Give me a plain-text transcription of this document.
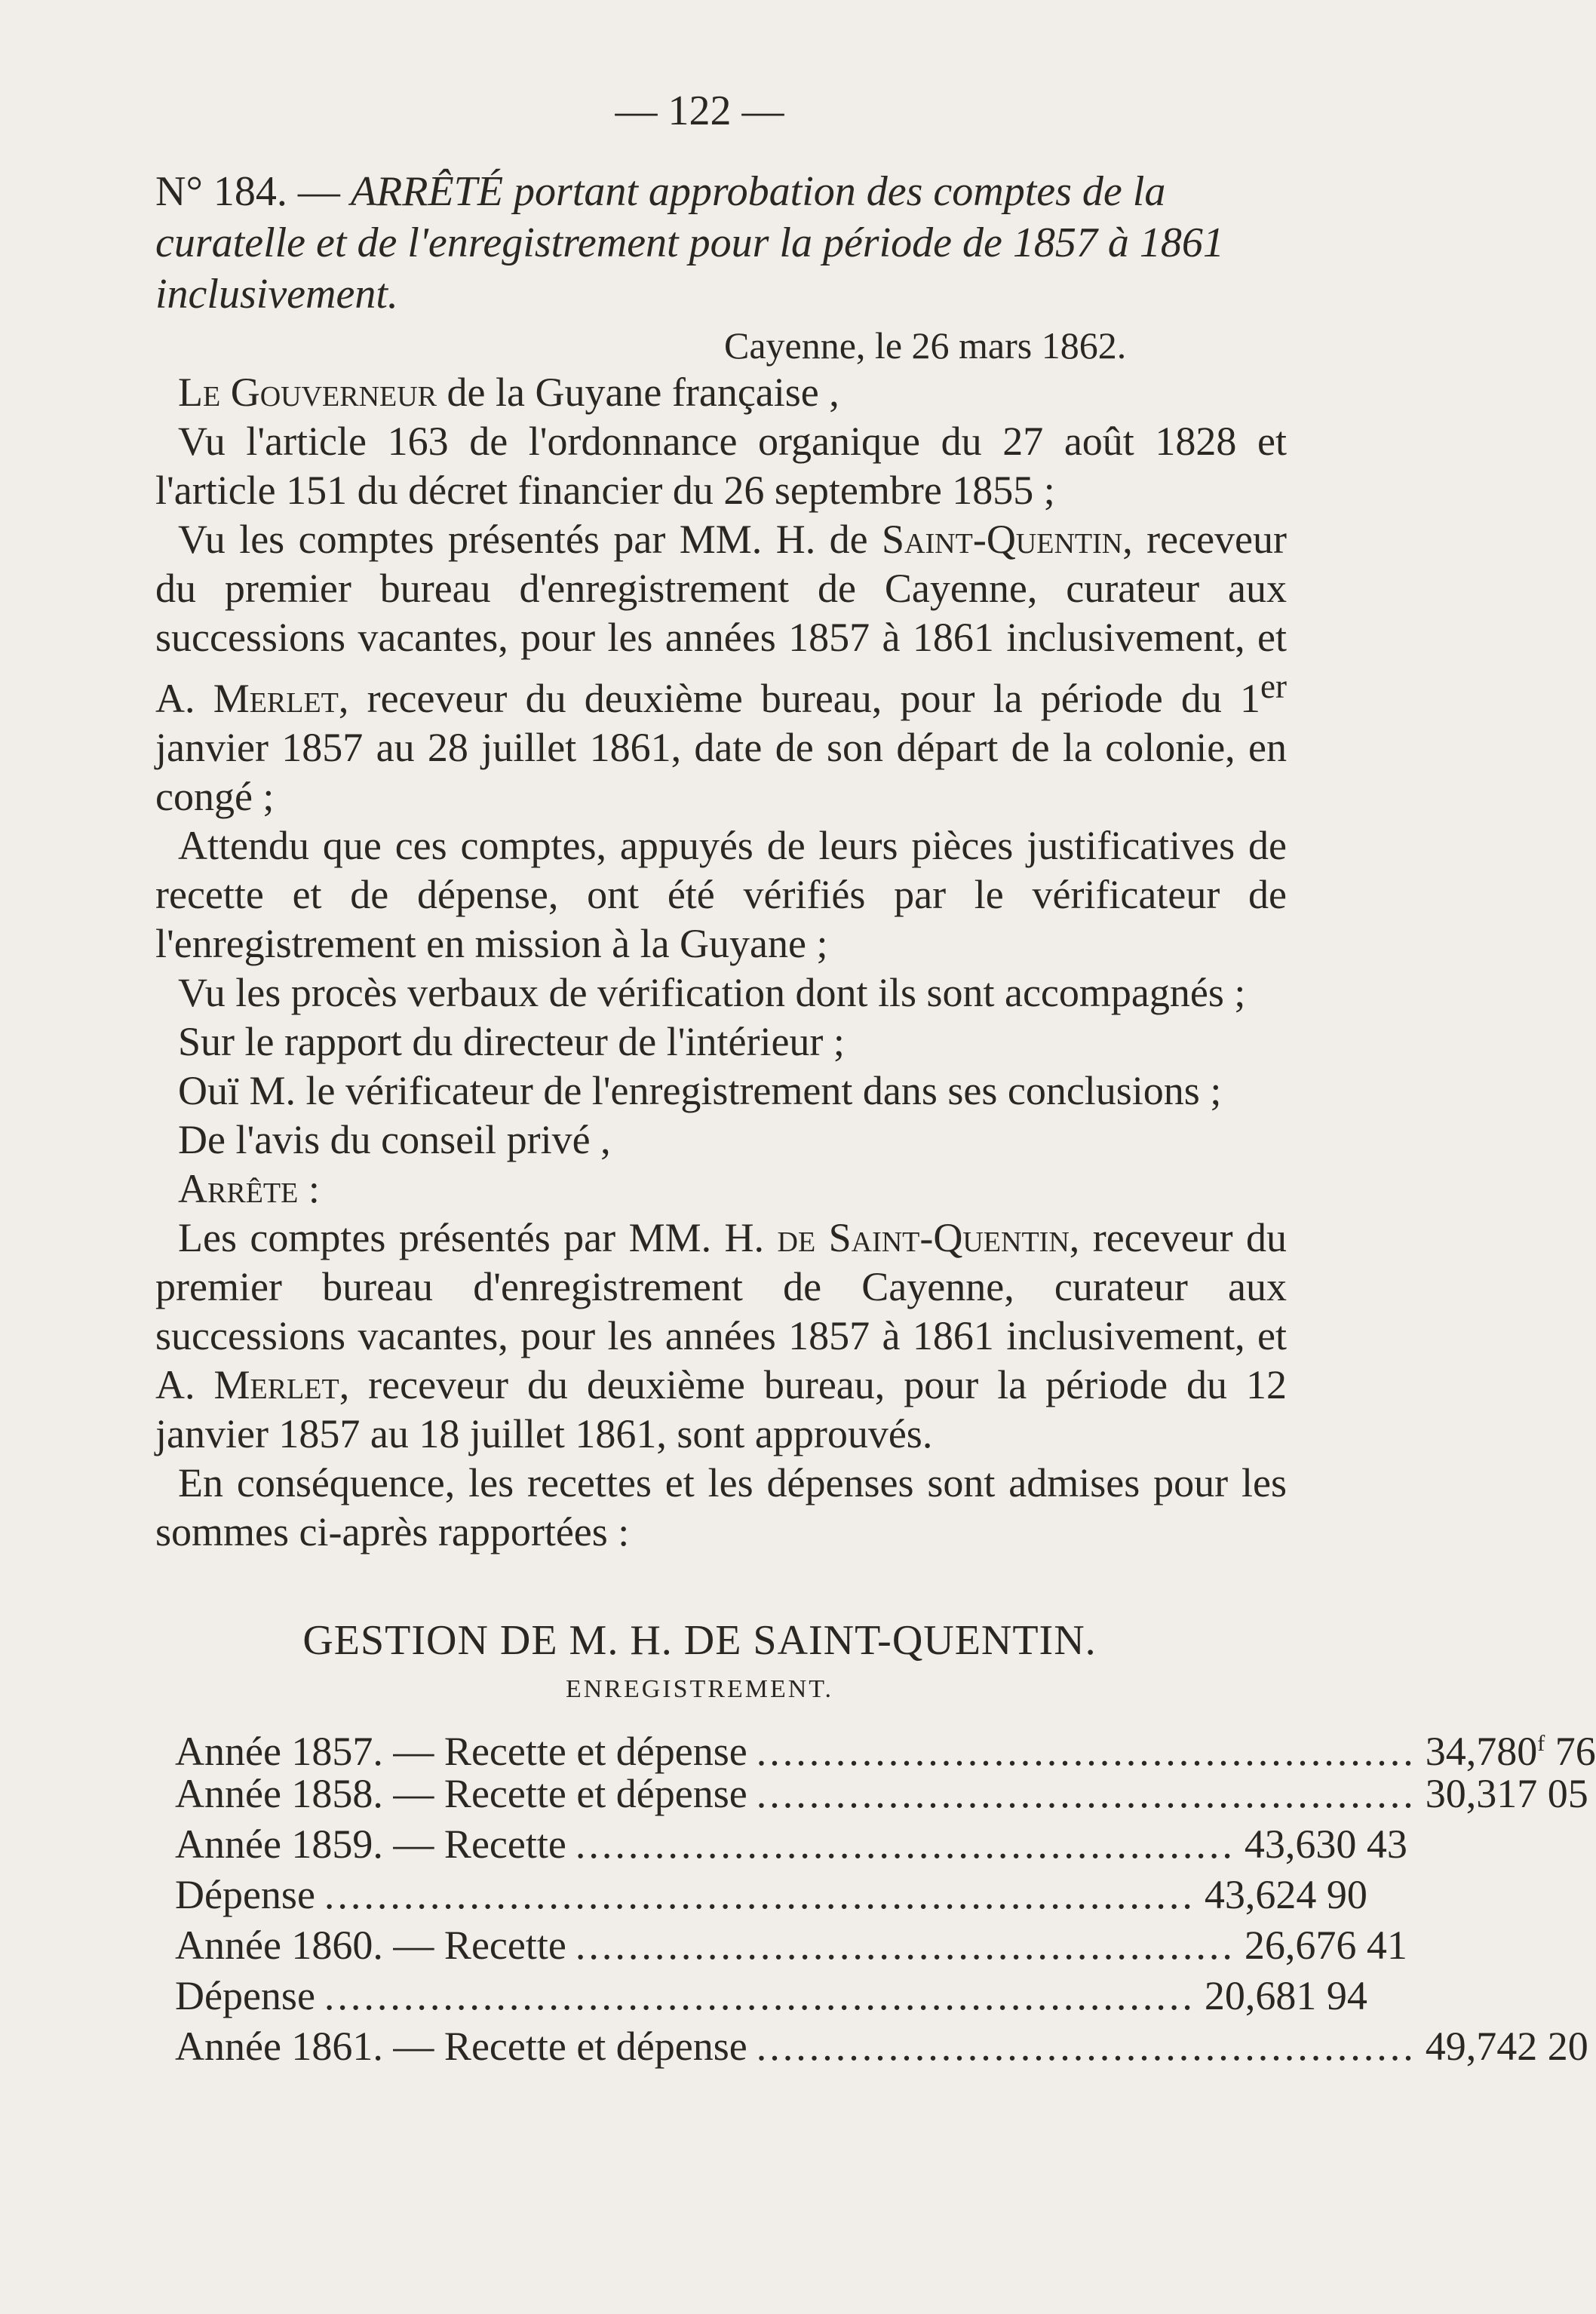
— 122 —
N° 184. — ARRÊTÉ portant approbation des comptes de la curatelle et de l'enregistrement pour la période de 1857 à 1861 inclusivement.
Cayenne, le 26 mars 1862.

Le Gouverneur de la Guyane française ,

Vu l'article 163 de l'ordonnance organique du 27 août 1828 et l'article 151 du décret financier du 26 septembre 1855 ;

Vu les comptes présentés par MM. H. de Saint-Quentin, receveur du premier bureau d'enregistrement de Cayenne, curateur aux successions vacantes, pour les années 1857 à 1861 inclusivement, et A. Merlet, receveur du deuxième bureau, pour la période du 1er janvier 1857 au 28 juillet 1861, date de son départ de la colonie, en congé ;

Attendu que ces comptes, appuyés de leurs pièces justificatives de recette et de dépense, ont été vérifiés par le vérificateur de l'enregistrement en mission à la Guyane ;

Vu les procès verbaux de vérification dont ils sont accompagnés ;

Sur le rapport du directeur de l'intérieur ;

Ouï M. le vérificateur de l'enregistrement dans ses conclusions ;

De l'avis du conseil privé ,

Arrête :

Les comptes présentés par MM. H. de Saint-Quentin, receveur du premier bureau d'enregistrement de Cayenne, curateur aux successions vacantes, pour les années 1857 à 1861 inclusivement, et A. Merlet, receveur du deuxième bureau, pour la période du 12 janvier 1857 au 18 juillet 1861, sont approuvés.

En conséquence, les recettes et les dépenses sont admises pour les sommes ci-après rapportées :

GESTION DE M. H. DE SAINT-QUENTIN.
ENREGISTREMENT.
Année 1857. — Recette et dépense .................................................. 34,780$^f$ 76
Année 1858. — Recette et dépense .................................................. 30,317 05
Année 1859. — Recette .................................................. 43,630 43
Dépense .................................................................. 43,624 90
Année 1860. — Recette .................................................. 26,676 41
Dépense .................................................................. 20,681 94
Année 1861. — Recette et dépense .................................................. 49,742 20
